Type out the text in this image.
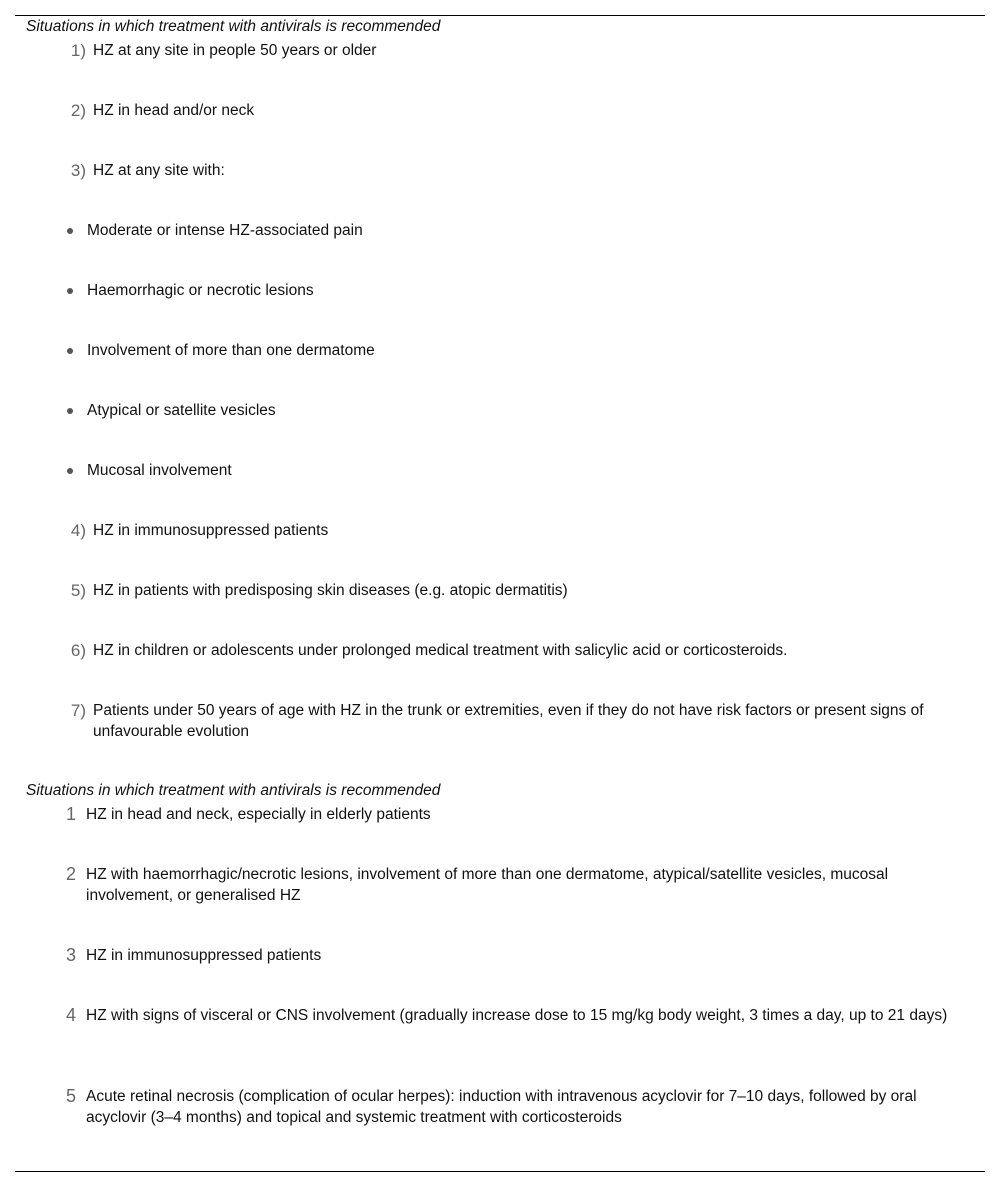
Situations in which treatment with antivirals is recommended
1) HZ at any site in people 50 years or older
2) HZ in head and/or neck
3) HZ at any site with:
Moderate or intense HZ-associated pain
Haemorrhagic or necrotic lesions
Involvement of more than one dermatome
Atypical or satellite vesicles
Mucosal involvement
4) HZ in immunosuppressed patients
5) HZ in patients with predisposing skin diseases (e.g. atopic dermatitis)
6) HZ in children or adolescents under prolonged medical treatment with salicylic acid or corticosteroids.
7) Patients under 50 years of age with HZ in the trunk or extremities, even if they do not have risk factors or present signs of unfavourable evolution
Situations in which treatment with antivirals is recommended
1 HZ in head and neck, especially in elderly patients
2 HZ with haemorrhagic/necrotic lesions, involvement of more than one dermatome, atypical/satellite vesicles, mucosal involvement, or generalised HZ
3 HZ in immunosuppressed patients
4 HZ with signs of visceral or CNS involvement (gradually increase dose to 15 mg/kg body weight, 3 times a day, up to 21 days)
5 Acute retinal necrosis (complication of ocular herpes): induction with intravenous acyclovir for 7–10 days, followed by oral acyclovir (3–4 months) and topical and systemic treatment with corticosteroids
